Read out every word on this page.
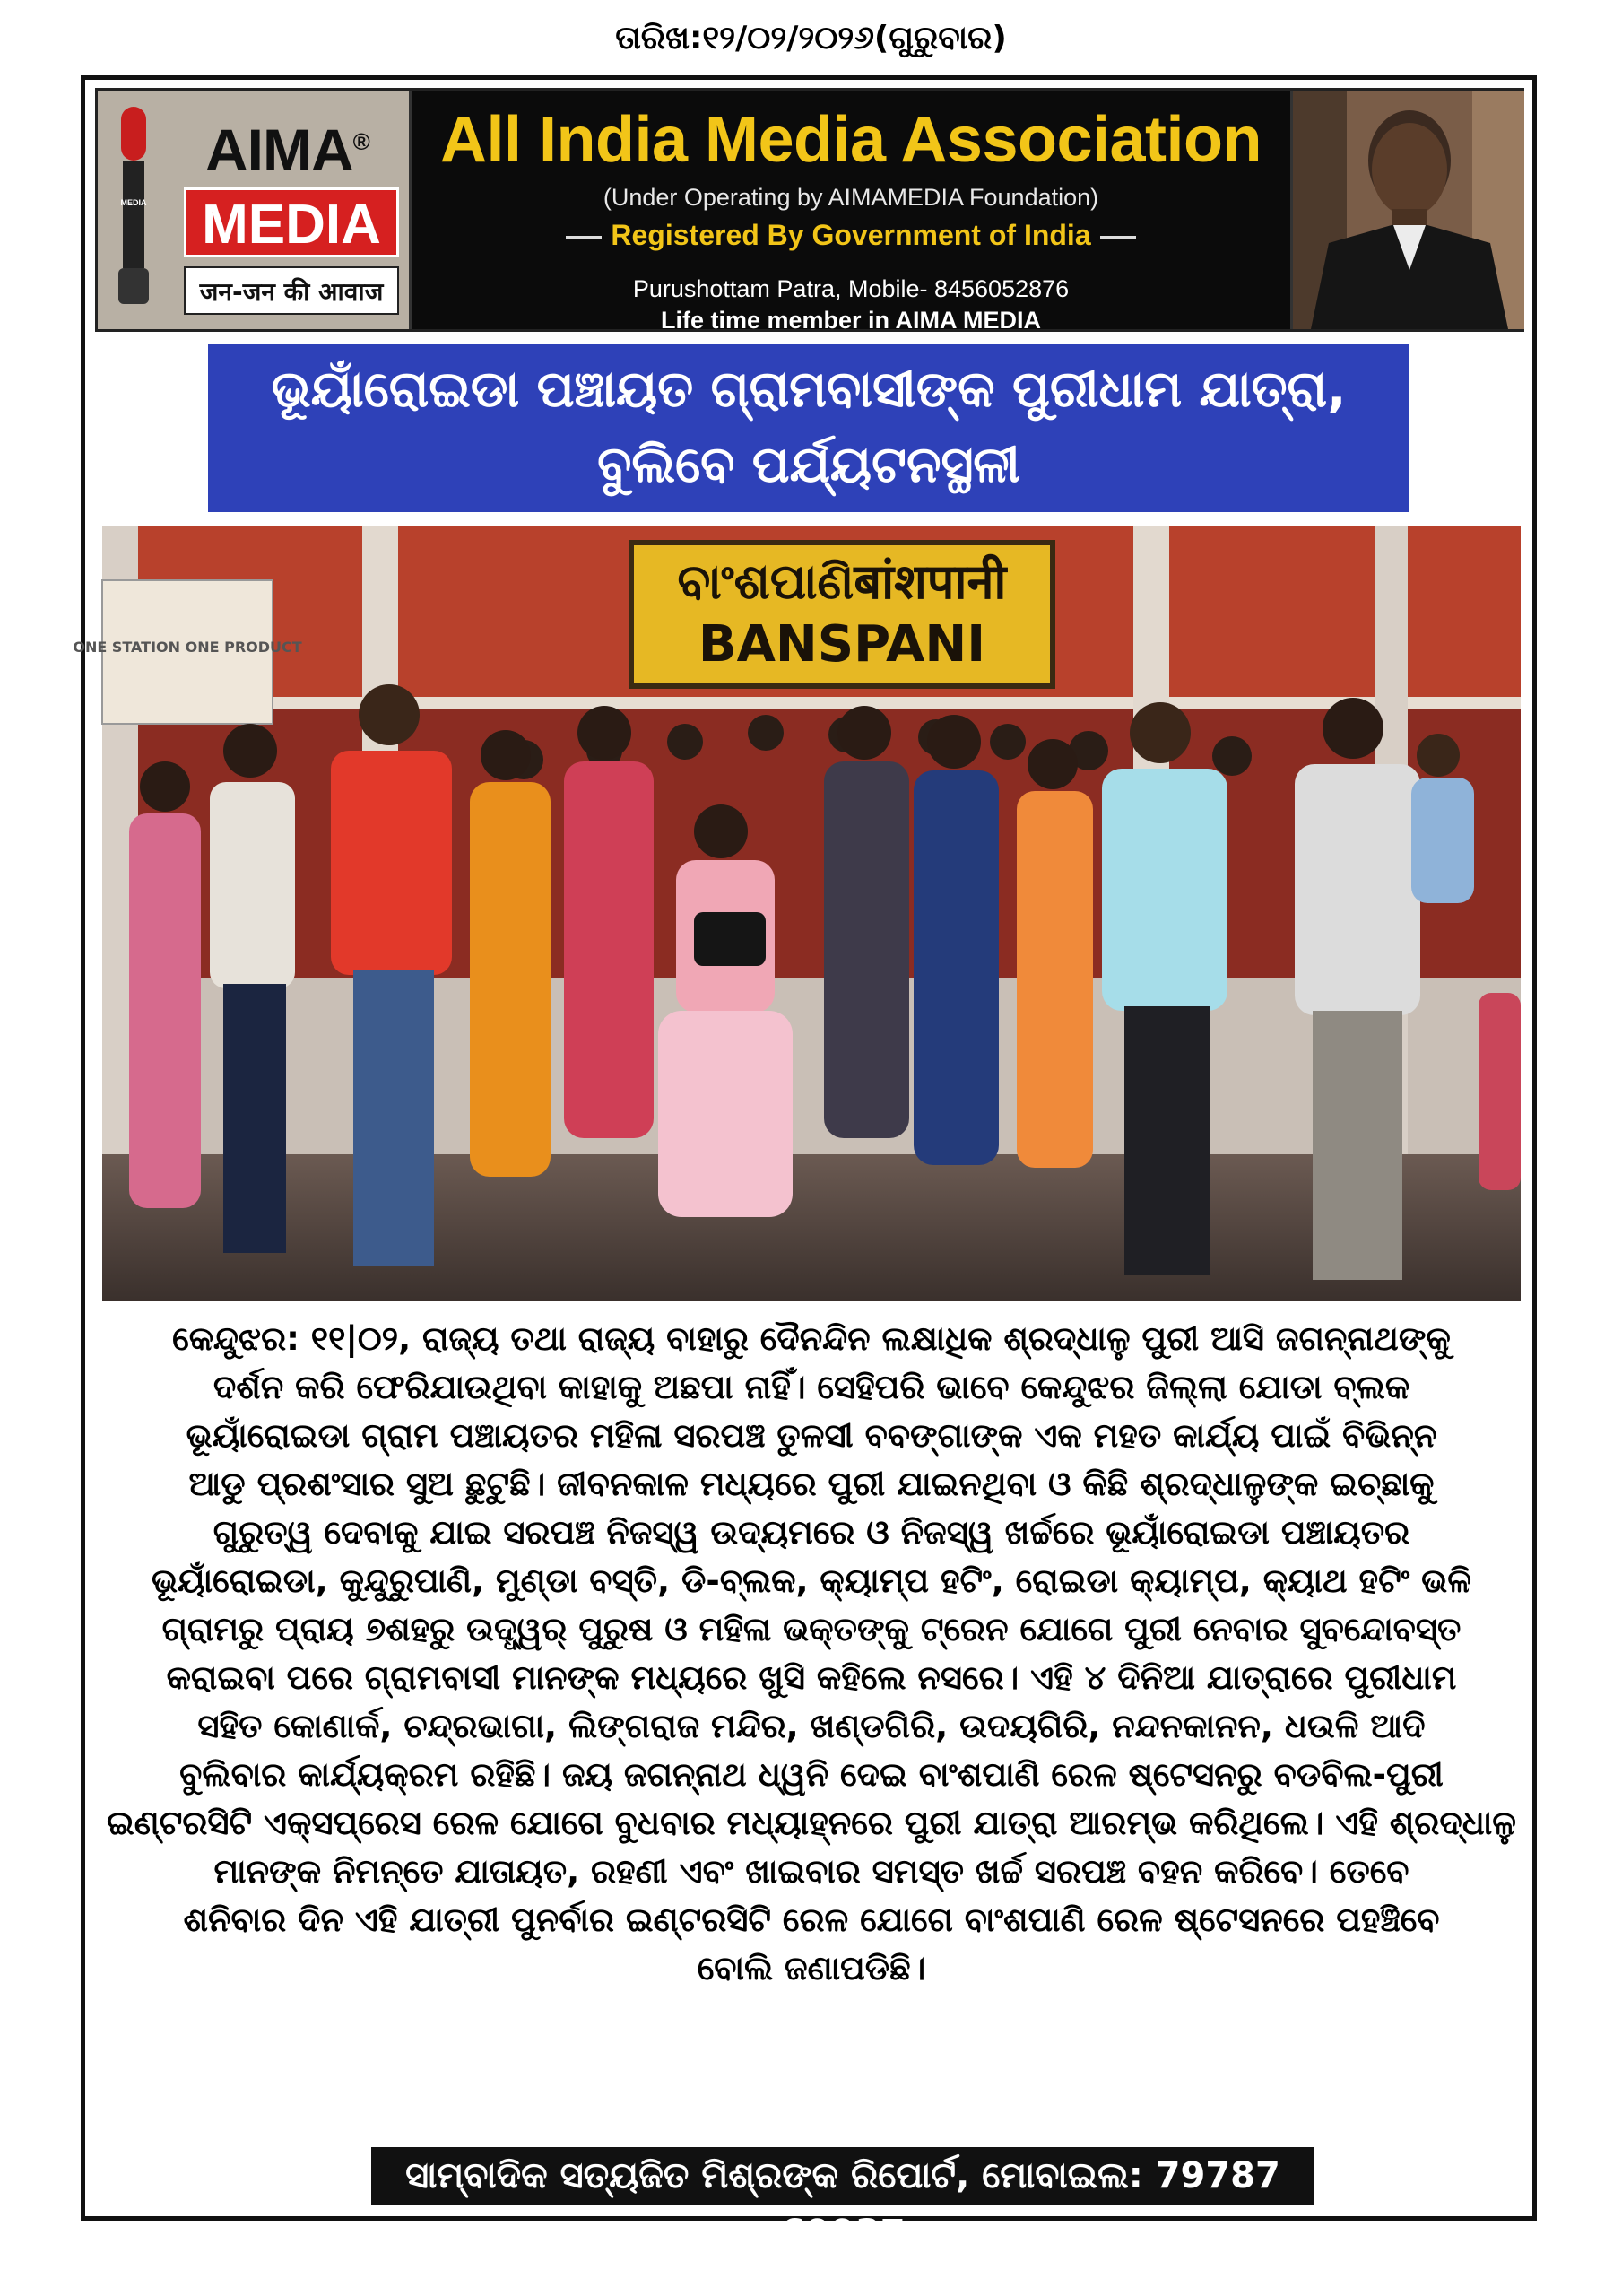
ତାରିଖ:୧୨/୦୨/୨୦୨୬(ଗୁରୁବାର)
MEDIA
AIMA®
MEDIA
जन-जन की आवाज
All India Media Association
(Under Operating by AIMAMEDIA Foundation)
Registered By Government of India
Purushottam Patra, Mobile- 8456052876
Life time member in AIMA MEDIA
ଭୂୟାଁରୋଇଡା ପଞ୍ଚାୟତ ଗ୍ରାମବାସୀଙ୍କ ପୁରୀଧାମ ଯାତ୍ରା,
ବୁଲିବେ ପର୍ଯ୍ୟଟନସ୍ଥଳୀ
ONE STATION ONE PRODUCT
ବାଂଶପାଣିबांशपानी
BANSPANI
କେନ୍ଦୁଝର: ୧୧|୦୨, ରାଜ୍ୟ ତଥା ରାଜ୍ୟ ବାହାରୁ ଦୈନନ୍ଦିନ ଲକ୍ଷାଧିକ ଶ୍ରଦ୍ଧାଳୁ ପୁରୀ ଆସି ଜଗନ୍ନାଥଙ୍କୁ
ଦର୍ଶନ କରି ଫେରିଯାଉଥିବା କାହାକୁ ଅଛପା ନାହିଁ। ସେହିପରି ଭାବେ କେନ୍ଦୁଝର ଜିଲ୍ଲା ଯୋଡା ବ୍ଲକ
ଭୂୟାଁରୋଇଡା ଗ୍ରାମ ପଞ୍ଚାୟତର ମହିଳା ସରପଞ୍ଚ ତୁଳସୀ ବବଙ୍ଗାଙ୍କ ଏକ ମହତ କାର୍ଯ୍ୟ ପାଇଁ ବିଭିନ୍ନ
ଆଡୁ ପ୍ରଶଂସାର ସୁଅ ଛୁଟୁଛି। ଜୀବନକାଳ ମଧ୍ୟରେ ପୁରୀ ଯାଇନଥିବା ଓ କିଛି ଶ୍ରଦ୍ଧାଳୁଙ୍କ ଇଚ୍ଛାକୁ
ଗୁରୁତ୍ୱ ଦେବାକୁ ଯାଇ ସରପଞ୍ଚ ନିଜସ୍ୱ ଉଦ୍ୟମରେ ଓ ନିଜସ୍ୱ ଖର୍ଚ୍ଚରେ ଭୂୟାଁରୋଇଡା ପଞ୍ଚାୟତର
ଭୂୟାଁରୋଇଡା, କୁନ୍ଦୁରୁପାଣି, ମୁଣ୍ଡା ବସ୍ତି, ଡି-ବ୍ଲକ, କ୍ୟାମ୍ପ ହଟିଂ, ରୋଇଡା କ୍ୟାମ୍ପ, କ୍ୟାଥ ହଟିଂ ଭଳି
ଗ୍ରାମରୁ ପ୍ରାୟ ୭ଶହରୁ ଉଦ୍ଧ୍ୱର୍ ପୁରୁଷ ଓ ମହିଳା ଭକ୍ତଙ୍କୁ ଟ୍ରେନ ଯୋଗେ ପୁରୀ ନେବାର ସୁବନ୍ଦୋବସ୍ତ
କରାଇବା ପରେ ଗ୍ରାମବାସୀ ମାନଙ୍କ ମଧ୍ୟରେ ଖୁସି କହିଲେ ନସରେ। ଏହି ୪ ଦିନିଆ ଯାତ୍ରାରେ ପୁରୀଧାମ
ସହିତ କୋଣାର୍କ, ଚନ୍ଦ୍ରଭାଗା, ଲିଙ୍ଗରାଜ ମନ୍ଦିର, ଖଣ୍ଡଗିରି, ଉଦୟଗିରି, ନନ୍ଦନକାନନ, ଧଉଳି ଆଦି
ବୁଲିବାର କାର୍ଯ୍ୟକ୍ରମ ରହିଛି। ଜୟ ଜଗନ୍ନାଥ ଧ୍ୱନି ଦେଇ ବାଂଶପାଣି ରେଳ ଷ୍ଟେସନରୁ ବଡବିଲ-ପୁରୀ
ଇଣ୍ଟରସିଟି ଏକ୍ସପ୍ରେସ ରେଳ ଯୋଗେ ବୁଧବାର ମଧ୍ୟାହ୍ନରେ ପୁରୀ ଯାତ୍ରା ଆରମ୍ଭ କରିଥିଲେ। ଏହି ଶ୍ରଦ୍ଧାଳୁ
ମାନଙ୍କ ନିମନ୍ତେ ଯାତାୟତ, ରହଣୀ ଏବଂ ଖାଇବାର ସମସ୍ତ ଖର୍ଚ୍ଚ ସରପଞ୍ଚ ବହନ କରିବେ। ତେବେ
ଶନିବାର ଦିନ ଏହି ଯାତ୍ରୀ ପୁନର୍ବାର ଇଣ୍ଟରସିଟି ରେଳ ଯୋଗେ ବାଂଶପାଣି ରେଳ ଷ୍ଟେସନରେ ପହଞ୍ଚିବେ
ବୋଲି ଜଣାପଡିଛି।
ସାମ୍ବାଦିକ ସତ୍ୟଜିତ ମିଶ୍ରଙ୍କ ରିପୋର୍ଟ, ମୋବାଇଲ: 79787 69937
